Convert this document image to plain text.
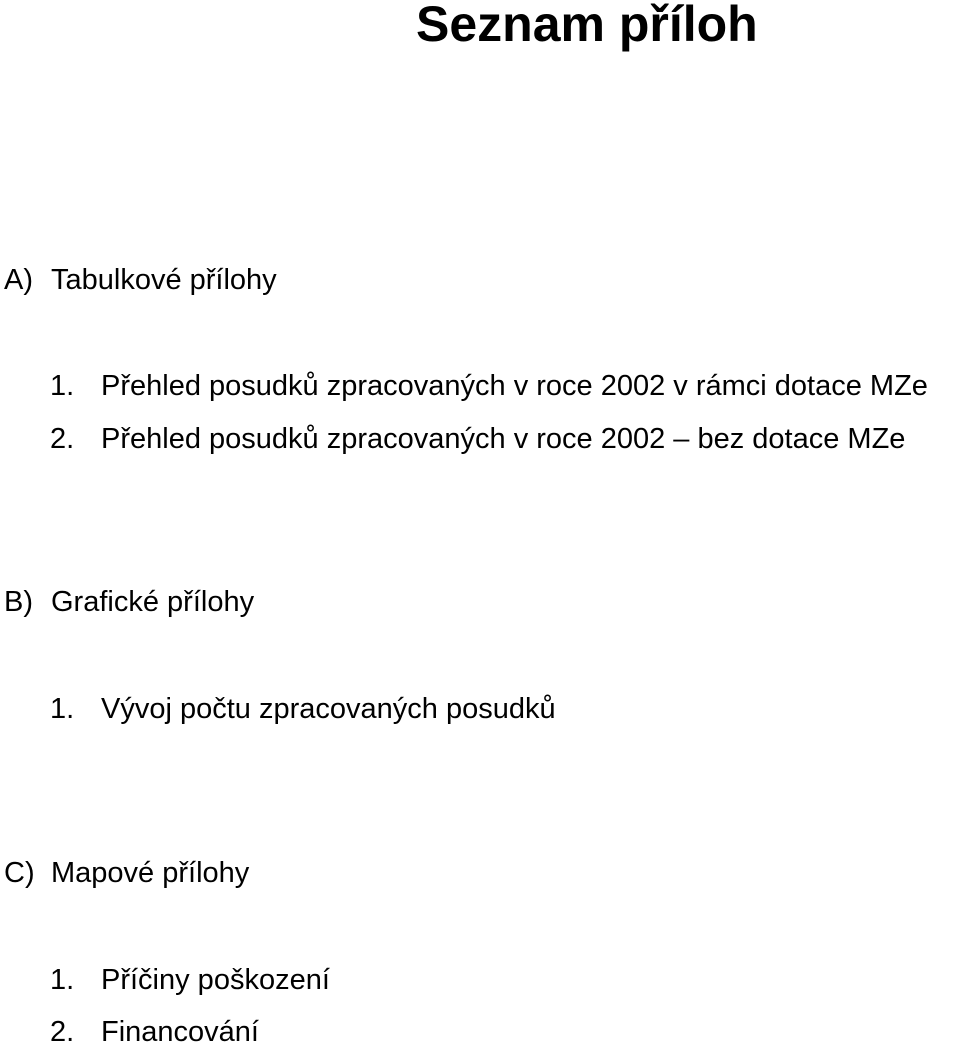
Seznam příloh
A) Tabulkové přílohy
1. Přehled posudků zpracovaných v roce 2002 v rámci dotace MZe
2. Přehled posudků zpracovaných v roce 2002 – bez dotace MZe
B) Grafické přílohy
1. Vývoj počtu zpracovaných posudků
C) Mapové přílohy
1. Příčiny poškození
2. Financování
